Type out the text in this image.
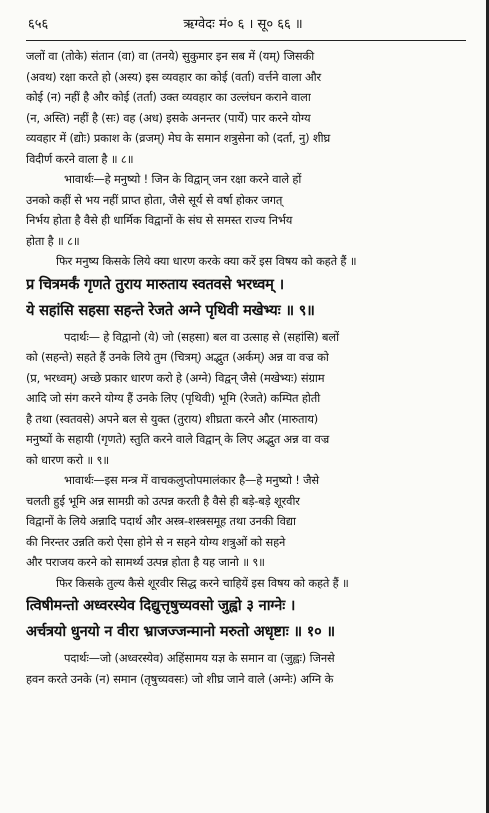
६५६	ऋग्वेदः मं० ६ । सू० ६६ ॥
जलों वा (तोके) संतान (वा) वा (तनये) सुकुमार इन सब में (यम्) जिसकी
(अवथ) रक्षा करते हो (अस्य) इस व्यवहार का कोई (वर्ता) वर्त्तने वाला और
कोई (न) नहीं है और कोई (तर्ता) उक्त व्यवहार का उल्लंघन कराने वाला
(न, अस्ति) नहीं है (सः) वह (अध) इसके अनन्तर (पार्ये) पार करने योग्य
व्यवहार में (द्योः) प्रकाश के (व्रजम्) मेघ के समान शत्रुसेना को (दर्ता, नु) शीघ्र
विदीर्ण करने वाला है ॥ ८॥
भावार्थः—हे मनुष्यो ! जिन के विद्वान् जन रक्षा करने वाले हों
उनको कहीं से भय नहीं प्राप्त होता, जैसे सूर्य से वर्षा होकर जगत्
निर्भय होता है वैसे ही धार्मिक विद्वानों के संघ से समस्त राज्य निर्भय
होता है ॥ ८॥
फिर मनुष्य किसके लिये क्या धारण करके क्या करें इस विषय को कहते हैं ॥
प्र चित्रमर्कं गृणते तुराय मारुताय स्वतवसे भरध्वम् ।
ये सहांसि सहसा सहन्ते रेजते अग्ने पृथिवी मखेभ्यः ॥ ९॥
पदार्थः— हे विद्वानो (ये) जो (सहसा) बल वा उत्साह से (सहांसि) बलों
को (सहन्ते) सहते हैं उनके लिये तुम (चित्रम्) अद्भुत (अर्कम्) अन्न वा वज्र को
(प्र, भरध्वम्) अच्छे प्रकार धारण करो हे (अग्ने) विद्वन् जैसे (मखेभ्यः) संग्राम
आदि जो संग करने योग्य हैं उनके लिए (पृथिवी) भूमि (रेजते) कम्पित होती
है तथा (स्वतवसे) अपने बल से युक्त (तुराय) शीघ्रता करने और (मारुताय)
मनुष्यों के सहायी (गृणते) स्तुति करने वाले विद्वान् के लिए अद्भुत अन्न वा वज्र
को धारण करो ॥ ९॥
भावार्थः—इस मन्त्र में वाचकलुप्तोपमालंकार है—हे मनुष्यो ! जैसे
चलती हुई भूमि अन्न सामग्री को उत्पन्न करती है वैसे ही बड़े-बड़े शूरवीर
विद्वानों के लिये अन्नादि पदार्थ और अस्त्र-शस्त्रसमूह तथा उनकी विद्या
की निरन्तर उन्नति करो ऐसा होने से न सहने योग्य शत्रुओं को सहने
और पराजय करने को सामर्थ्य उत्पन्न होता है यह जानो ॥ ९॥
फिर किसके तुल्य कैसे शूरवीर सिद्ध करने चाहियें इस विषय को कहते हैं ॥
त्विषीमन्तो अध्वरस्येव दिद्युत्तृषुच्यवसो जुह्वो ३ नाग्नेः ।
अर्चत्रयो धुनयो न वीरा भ्राजज्जन्मानो मरुतो अधृष्टाः ॥ १० ॥
पदार्थः—जो (अध्वरस्येव) अहिंसामय यज्ञ के समान वा (जुह्वः) जिनसे
हवन करते उनके (न) समान (तृषुच्यवसः) जो शीघ्र जाने वाले (अग्नेः) अग्नि के
